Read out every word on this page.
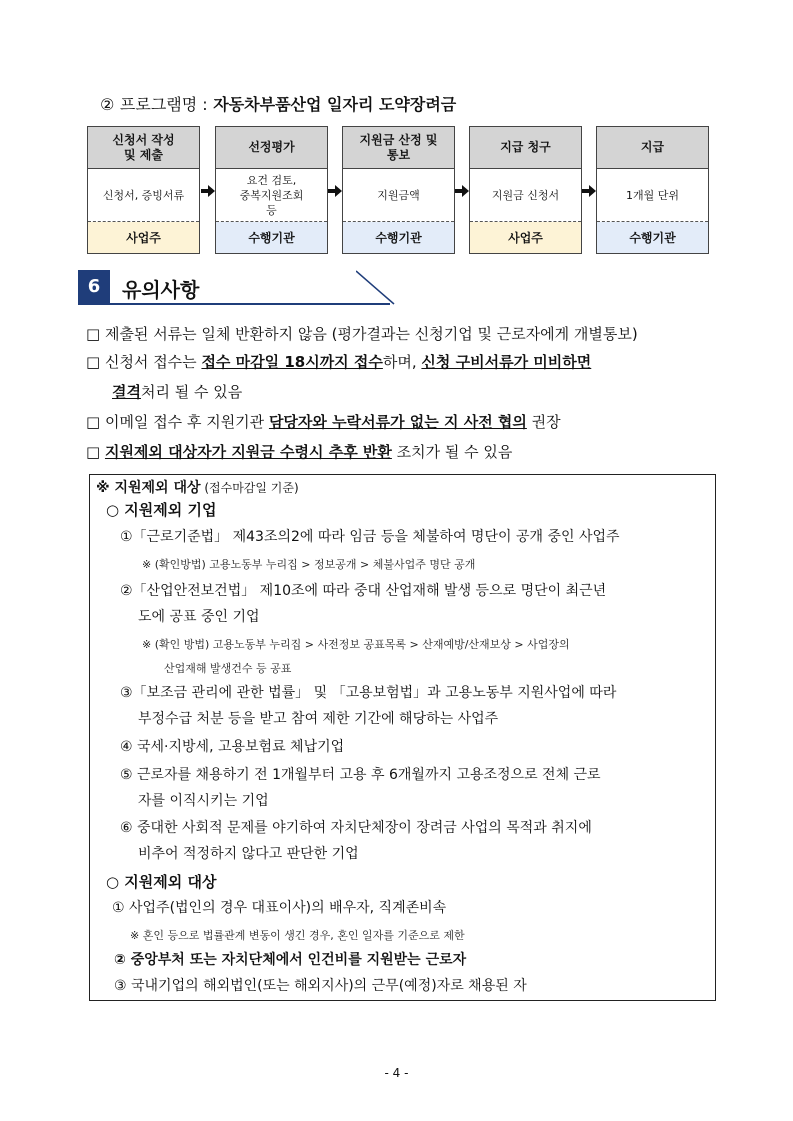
② 프로그램명 : 자동차부품산업 일자리 도약장려금
신청서 작성
및 제출
신청서, 증빙서류
사업주
선정평가
요건 검토,
중복지원조회
등
수행기관
지원금 산정 및
통보
지원금액
수행기관
지급 청구
지원금 신청서
사업주
지급
1개월 단위
수행기관
6	유의사항
□ 제출된 서류는 일체 반환하지 않음 (평가결과는 신청기업 및 근로자에게 개별통보)
□ 신청서 접수는 접수 마감일 18시까지 접수하며, 신청 구비서류가 미비하면
결격처리 될 수 있음
□ 이메일 접수 후 지원기관 담당자와 누락서류가 없는 지 사전 협의 권장
□ 지원제외 대상자가 지원금 수령시 추후 반환 조치가 될 수 있음
※ 지원제외 대상 (접수마감일 기준)
○ 지원제외 기업
①「근로기준법」 제43조의2에 따라 임금 등을 체불하여 명단이 공개 중인 사업주
※ (확인방법) 고용노동부 누리집 > 정보공개 > 체불사업주 명단 공개
②「산업안전보건법」 제10조에 따라 중대 산업재해 발생 등으로 명단이 최근년
도에 공표 중인 기업
※ (확인 방법) 고용노동부 누리집 > 사전정보 공표목록 > 산재예방/산재보상 > 사업장의
산업재해 발생건수 등 공표
③「보조금 관리에 관한 법률」 및 「고용보험법」과 고용노동부 지원사업에 따라
부정수급 처분 등을 받고 참여 제한 기간에 해당하는 사업주
④ 국세·지방세, 고용보험료 체납기업
⑤ 근로자를 채용하기 전 1개월부터 고용 후 6개월까지 고용조정으로 전체 근로
자를 이직시키는 기업
⑥ 중대한 사회적 문제를 야기하여 자치단체장이 장려금 사업의 목적과 취지에
비추어 적정하지 않다고 판단한 기업
○ 지원제외 대상
① 사업주(법인의 경우 대표이사)의 배우자, 직계존비속
※ 혼인 등으로 법률관계 변동이 생긴 경우, 혼인 일자를 기준으로 제한
② 중앙부처 또는 자치단체에서 인건비를 지원받는 근로자
③ 국내기업의 해외법인(또는 해외지사)의 근무(예정)자로 채용된 자
- 4 -
